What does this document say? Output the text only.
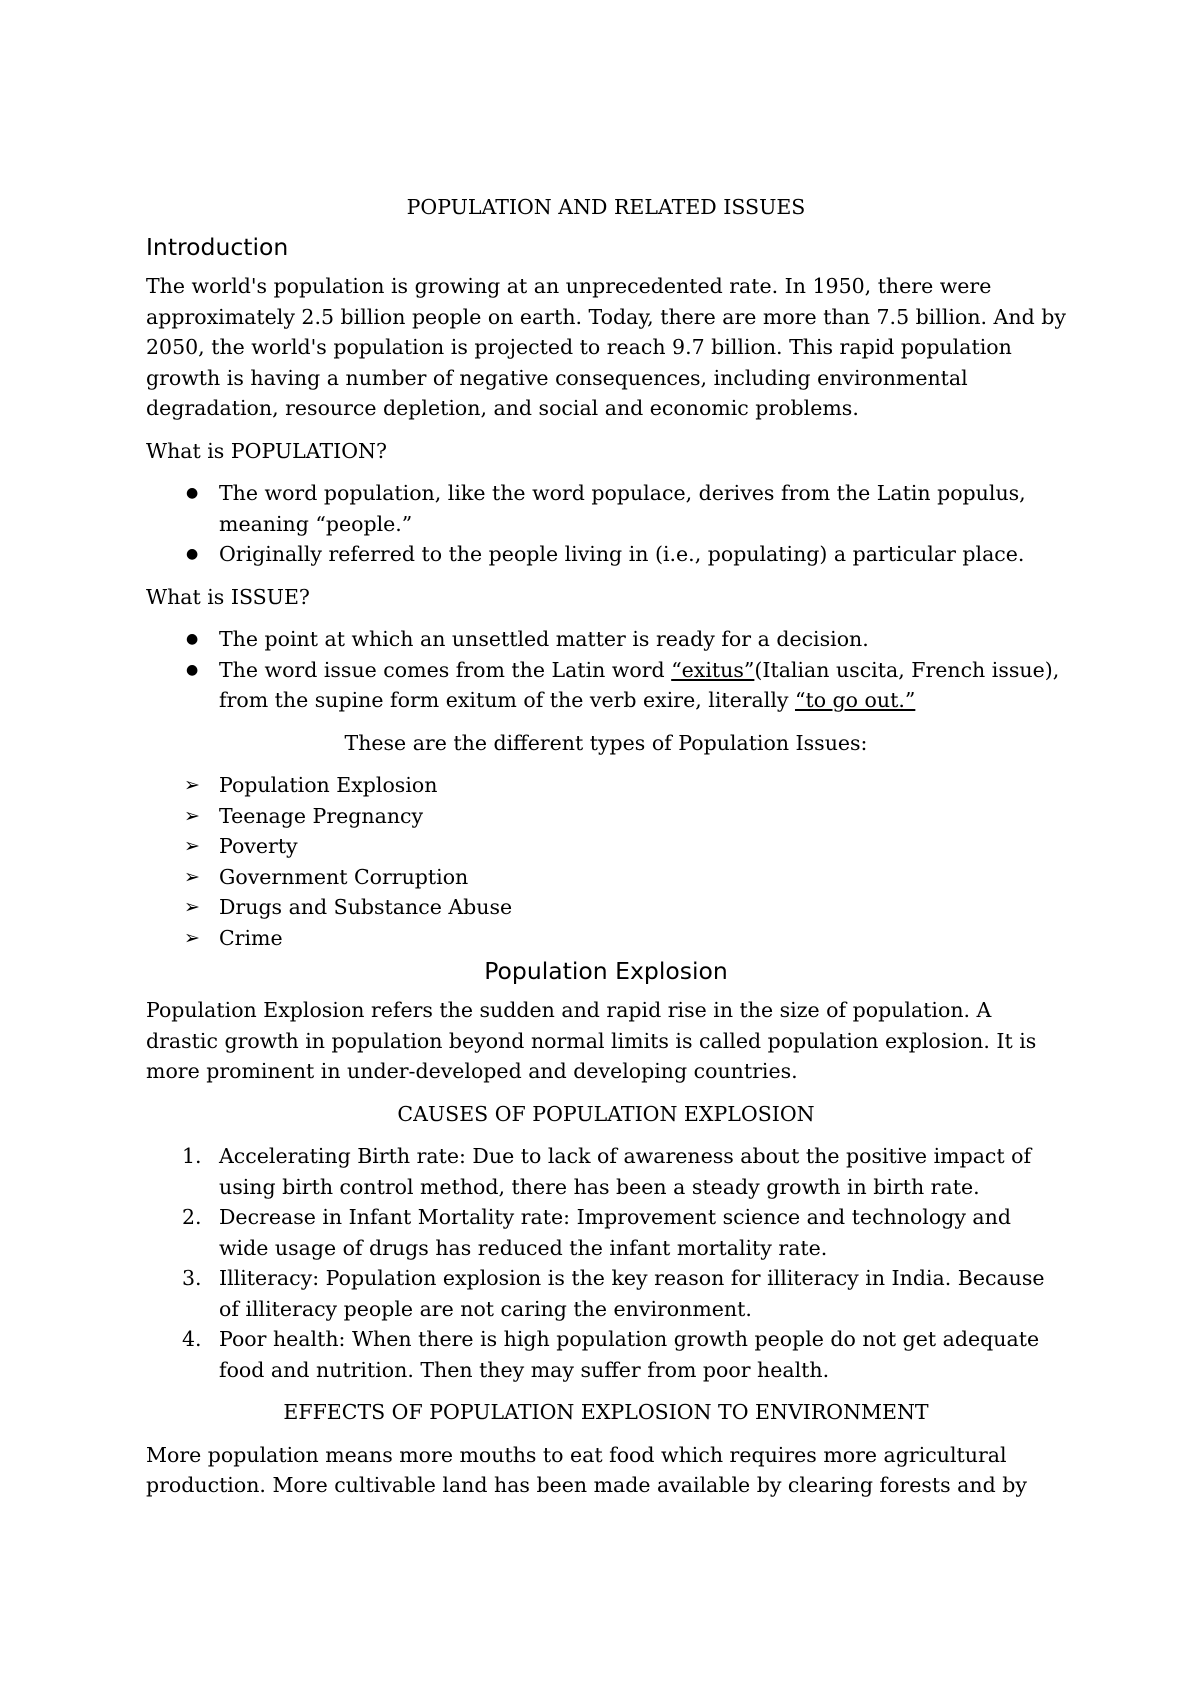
POPULATION AND RELATED ISSUES
Introduction

The world's population is growing at an unprecedented rate. In 1950, there were approximately 2.5 billion people on earth. Today, there are more than 7.5 billion. And by 2050, the world's population is projected to reach 9.7 billion. This rapid population growth is having a number of negative consequences, including environmental degradation, resource depletion, and social and economic problems.

What is POPULATION?

● The word population, like the word populace, derives from the Latin populus, meaning “people.”
● Originally referred to the people living in (i.e., populating) a particular place.

What is ISSUE?

● The point at which an unsettled matter is ready for a decision.
● The word issue comes from the Latin word “exitus”(Italian uscita, French issue), from the supine form exitum of the verb exire, literally “to go out.”

These are the different types of Population Issues:

➢ Population Explosion
➢ Teenage Pregnancy
➢ Poverty
➢ Government Corruption
➢ Drugs and Substance Abuse
➢ Crime
Population Explosion

Population Explosion refers the sudden and rapid rise in the size of population. A drastic growth in population beyond normal limits is called population explosion. It is more prominent in under-developed and developing countries.

CAUSES OF POPULATION EXPLOSION

1. Accelerating Birth rate: Due to lack of awareness about the positive impact of using birth control method, there has been a steady growth in birth rate.
2. Decrease in Infant Mortality rate: Improvement science and technology and wide usage of drugs has reduced the infant mortality rate.
3. Illiteracy: Population explosion is the key reason for illiteracy in India. Because of illiteracy people are not caring the environment.
4. Poor health: When there is high population growth people do not get adequate food and nutrition. Then they may suffer from poor health.

EFFECTS OF POPULATION EXPLOSION TO ENVIRONMENT

More population means more mouths to eat food which requires more agricultural production. More cultivable land has been made available by clearing forests and by
